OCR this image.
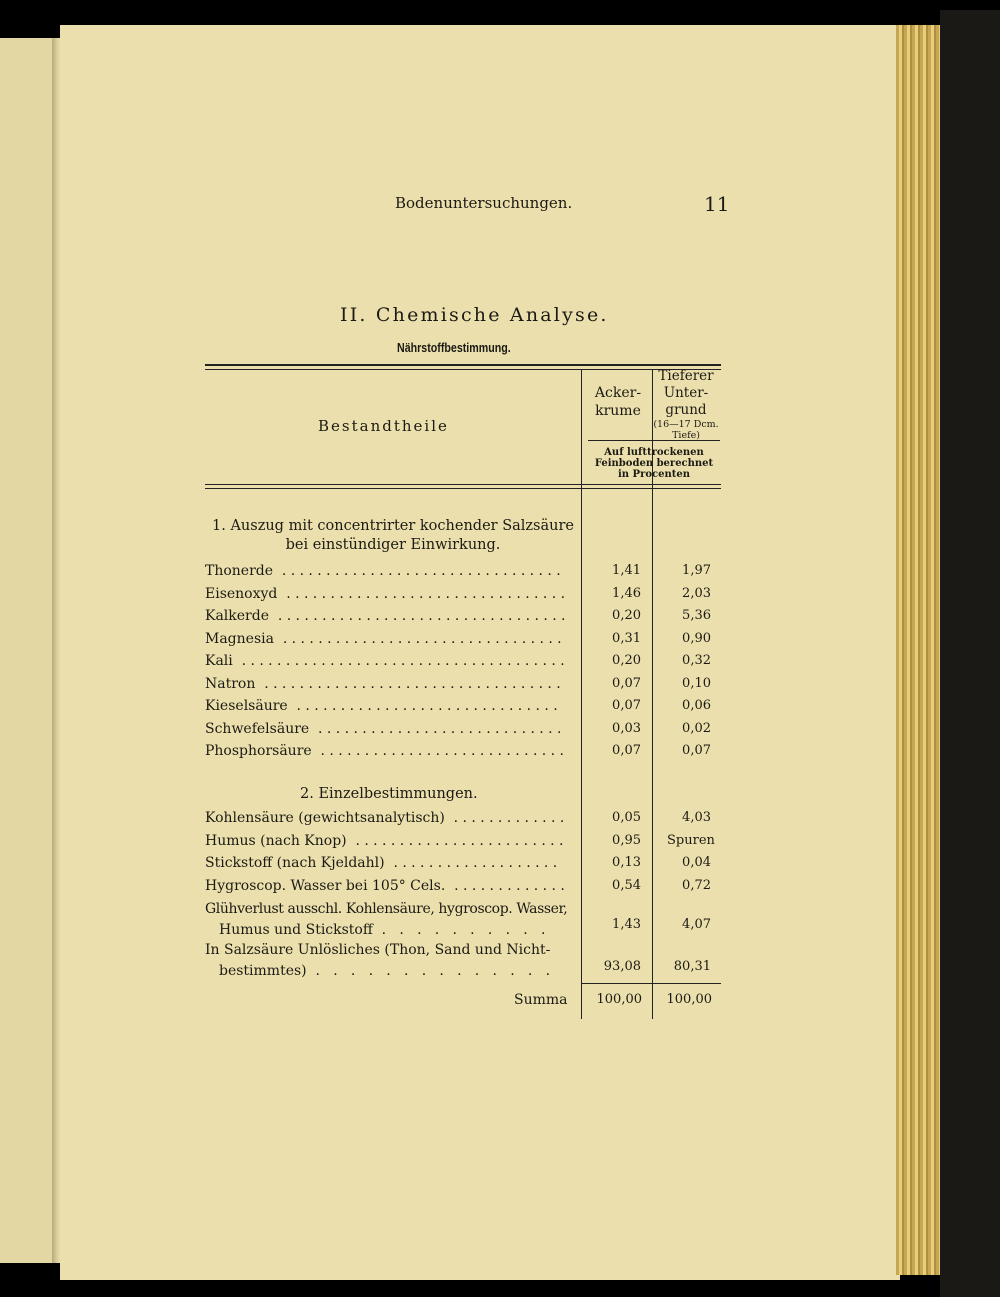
Bodenuntersuchungen.	11
II. Chemische Analyse.
Nährstoffbestimmung.
Bestandtheile
Acker-
krume
Tieferer
Unter-
grund
(16—17 Dcm.
Tiefe)
Auf lufttrockenen
Feinboden berechnet
in Procenten
1. Auszug mit concentrirter kochender Salzsäure
bei einstündiger Einwirkung.
Thonerde ................................	1,41	1,97
Eisenoxyd ................................	1,46	2,03
Kalkerde .................................	0,20	5,36
Magnesia ................................	0,31	0,90
Kali .....................................	0,20	0,32
Natron ..................................	0,07	0,10
Kieselsäure ..............................	0,07	0,06
Schwefelsäure ............................	0,03	0,02
Phosphorsäure ............................	0,07	0,07
2. Einzelbestimmungen.
Kohlensäure (gewichtsanalytisch) .............	0,05	4,03
Humus (nach Knop) ........................	0,95 Spuren
Stickstoff (nach Kjeldahl) ...................	0,13	0,04
Hygroscop. Wasser bei 105° Cels. .............	0,54	0,72
Glühverlust ausschl. Kohlensäure, hygroscop. Wasser,
Humus und Stickstoff . . . . . . . . . .	1,43	4,07
In Salzsäure Unlösliches (Thon, Sand und Nicht-
bestimmtes) . . . . . . . . . . . . . .	93,08	80,31
Summa	100,00	100,00
